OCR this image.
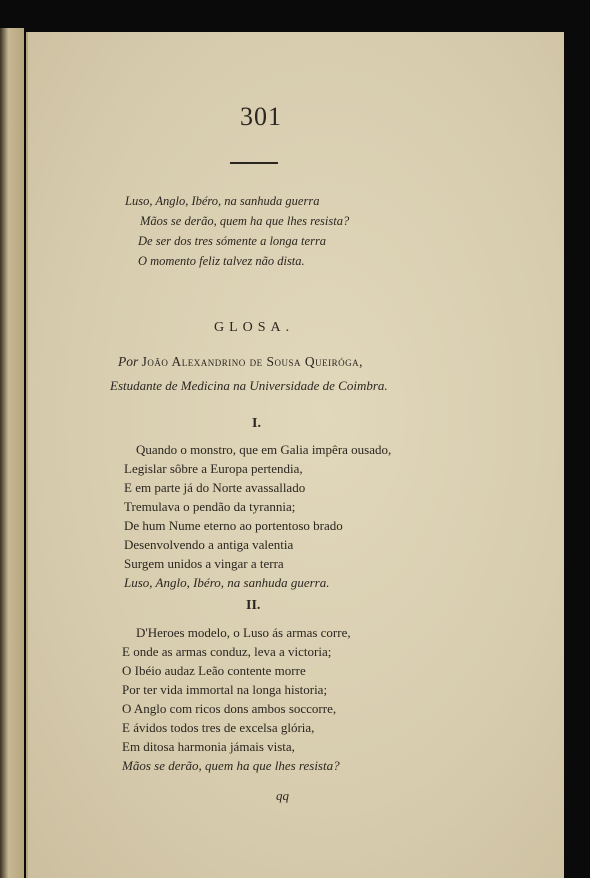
301
Luso, Anglo, Ibéro, na sanhuda guerra
Mãos se derão, quem ha que lhes resista?
De ser dos tres sómente a longa terra
O momento feliz talvez não dista.
GLOSA.
Por João Alexandrino de Sousa Queiróga,
Estudante de Medicina na Universidade de Coimbra.
I.
Quando o monstro, que em Galia impêra ousado,
Legislar sôbre a Europa pertendia,
E em parte já do Norte avassallado
Tremulava o pendão da tyrannia;
De hum Nume eterno ao portentoso brado
Desenvolvendo a antiga valentia
Surgem unidos a vingar a terra
Luso, Anglo, Ibéro, na sanhuda guerra.
II.
D'Heroes modelo, o Luso ás armas corre,
E onde as armas conduz, leva a victoria;
O Ibéio audaz Leão contente morre
Por ter vida immortal na longa historia;
O Anglo com ricos dons ambos soccorre,
E ávidos todos tres de excelsa glória,
Em ditosa harmonia jámais vista,
Mãos se derão, quem ha que lhes resista?
qq
